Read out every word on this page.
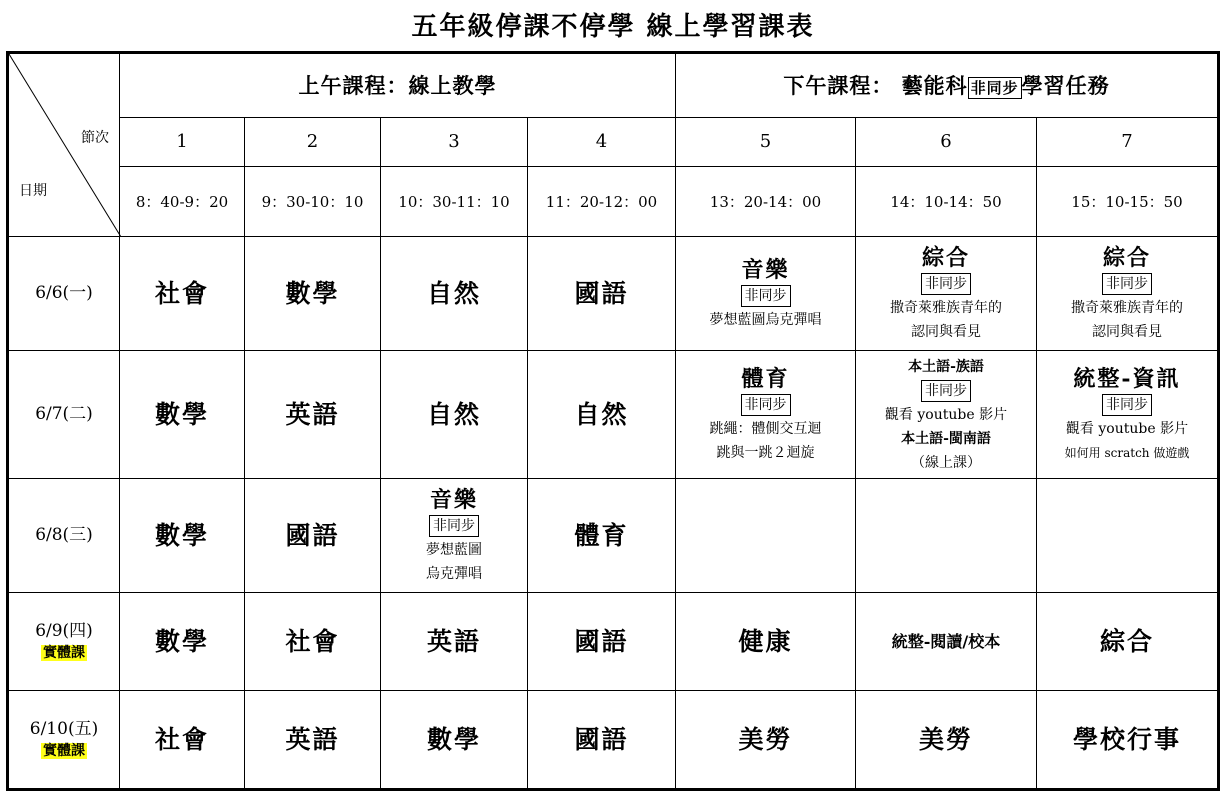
五年級停課不停學 線上學習課表
節次
日期	上午課程：線上教學				下午課程： 藝能科 非同步 學習任務		
	1	2	3	4	5	6	7
	8：40-9：20	9：30-10：10	10：30-11：10	11：20-12：00	13：20-14：00	14：10-14：50	15：10-15：50
6/6(一)	社會	數學	自然	國語	音樂
非同步
夢想藍圖烏克彈唱	綜合
非同步
撒奇萊雅族青年的
認同與看見	綜合
非同步
撒奇萊雅族青年的
認同與看見

6/7(二)	數學	英語	自然	自然	體育
非同步
跳繩：體側交互迴
跳與一跳２迴旋	本土語-族語
非同步
觀看 youtube 影片
本土語-閩南語
（線上課）	統整-資訊
非同步
觀看 youtube 影片
如何用 scratch 做遊戲

6/8(三)	數學	國語	音樂
非同步
夢想藍圖
烏克彈唱	體育			

6/9(四)
實體課	數學	社會	英語	國語	健康	統整-閱讀/校本	綜合

6/10(五)
實體課	社會	英語	數學	國語	美勞	美勞	學校行事
